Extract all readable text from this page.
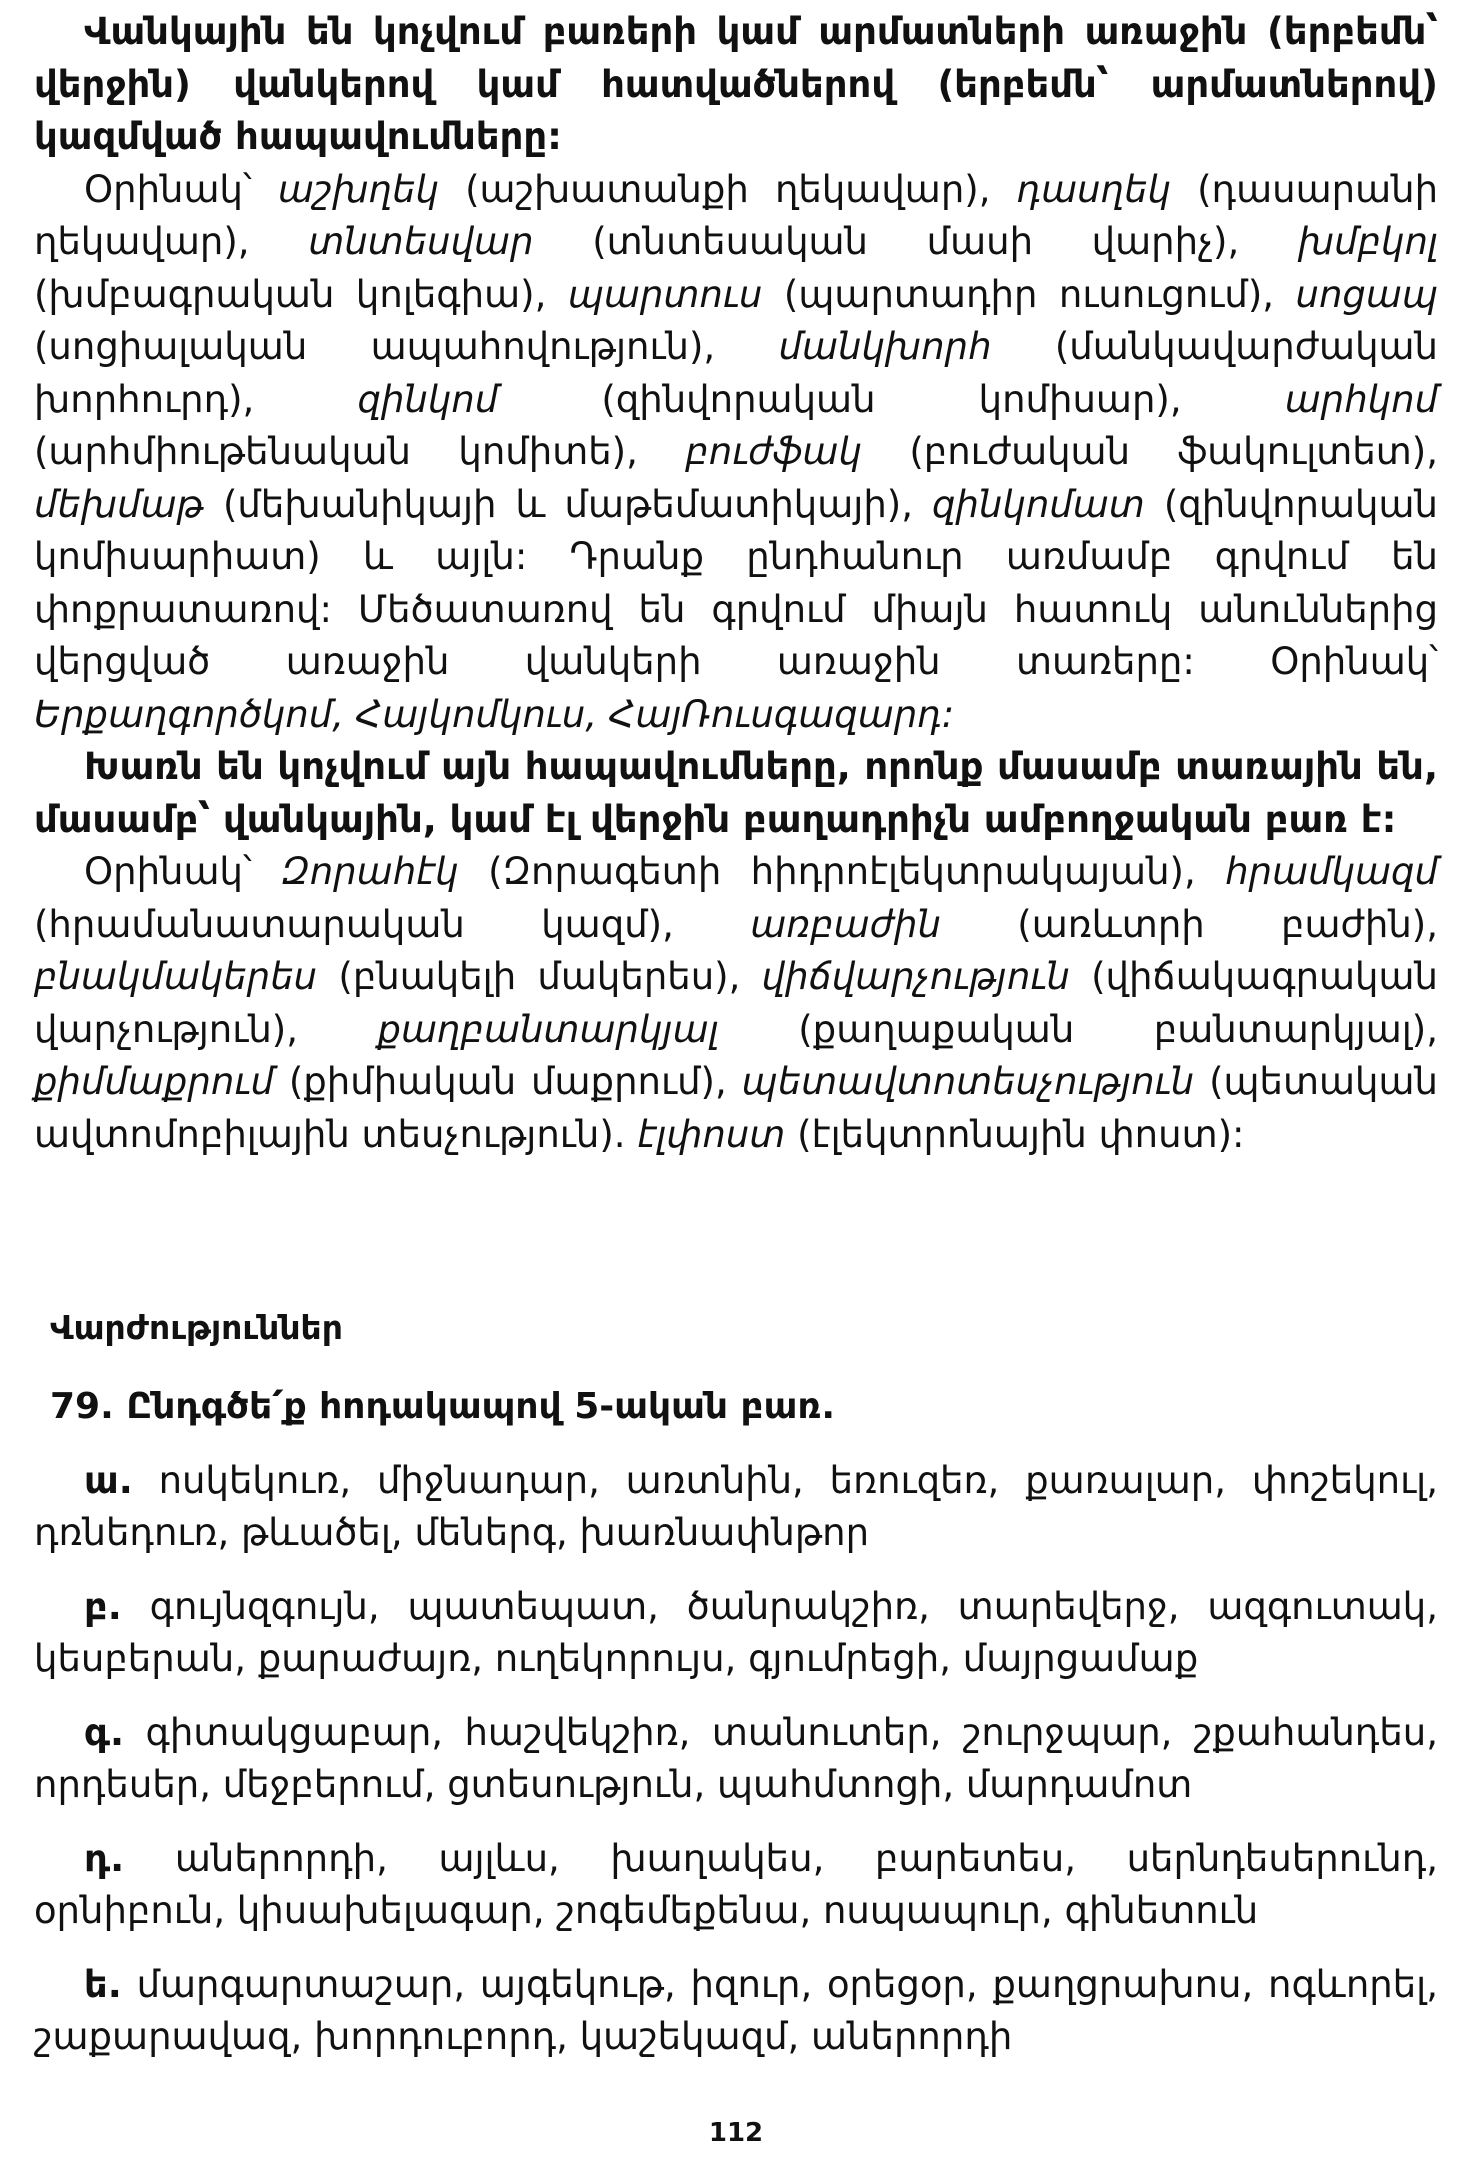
Վանկային են կոչվում բառերի կամ արմատների առաջին (երբեմն՝ վերջին) վանկերով կամ հատվածներով (երբեմն՝ արմատներով) կազմված հապավումները:

Օրինակ՝ աշխղեկ (աշխատանքի ղեկավար), դասղեկ (դասարանի ղեկավար), տնտեսվար (տնտեսական մասի վարիչ), խմբկոլ (խմբագրական կոլեգիա), պարտուս (պարտադիր ուսուցում), սոցապ (սոցիալական ապահովություն), մանկխորհ (մանկավարժական խորհուրդ),	զինկոմ	(զինվորական կոմիսար),	արհկոմ (արհմիութենական կոմիտե), բուժֆակ (բուժական ֆակուլտետ), մեխմաթ (մեխանիկայի և մաթեմատիկայի), զինկոմատ (զինվորական կոմիսարիատ) և այլն: Դրանք ընդհանուր առմամբ գրվում են փոքրատառով: Մեծատառով են գրվում միայն հատուկ անուններից վերցված առաջին վանկերի առաջին տառերը: Օրինակ՝ Երքաղգործկոմ, Հայկոմկուս, ՀայՌուսգազարդ:

Խառն են կոչվում այն հապավումները, որոնք մասամբ տառային են, մասամբ՝ վանկային, կամ էլ վերջին բաղադրիչն ամբողջական բառ է:

Օրինակ՝ Զորահէկ (Զորագետի հիդրոէլեկտրակայան), հրամկազմ (հրամանատարական կազմ), առբաժին (առևտրի բաժին), բնակմակերես (բնակելի մակերես), վիճվարչություն (վիճակագրական վարչություն), քաղբանտարկյալ (քաղաքական բանտարկյալ), քիմմաքրում (քիմիական մաքրում), պետավտոտեսչություն (պետական ավտոմոբիլային տեսչություն). էլփոստ (էլեկտրոնային փոստ):

Վարժություններ

79. Ընդգծե՛ք հոդակապով 5-ական բառ.

ա. ոսկեկուռ, միջնադար, առտնին, եռուզեռ, քառալար, փոշեկուլ, դռնեդուռ, թևածել, մեներգ, խառնափնթոր

բ. գույնզգույն, պատեպատ, ծանրակշիռ, տարեվերջ, ազգուտակ, կեսբերան, քարաժայռ, ուղեկորույս, գյումրեցի, մայրցամաք

գ. գիտակցաբար, հաշվեկշիռ, տանուտեր, շուրջպար, շքահանդես, որդեսեր, մեջբերում, ցտեսություն, պահմտոցի, մարդամոտ

դ. աներորդի, այլևս, խաղակես, բարետես, սերնդեսերունդ, օրնիբուն, կիսախելագար, շոգեմեքենա, ոսպապուր, գինետուն

ե. մարգարտաշար, այգեկութ, իզուր, օրեցօր, քաղցրախոս, ոգևորել, շաքարավազ, խորդուբորդ, կաշեկազմ, աներորդի

112
